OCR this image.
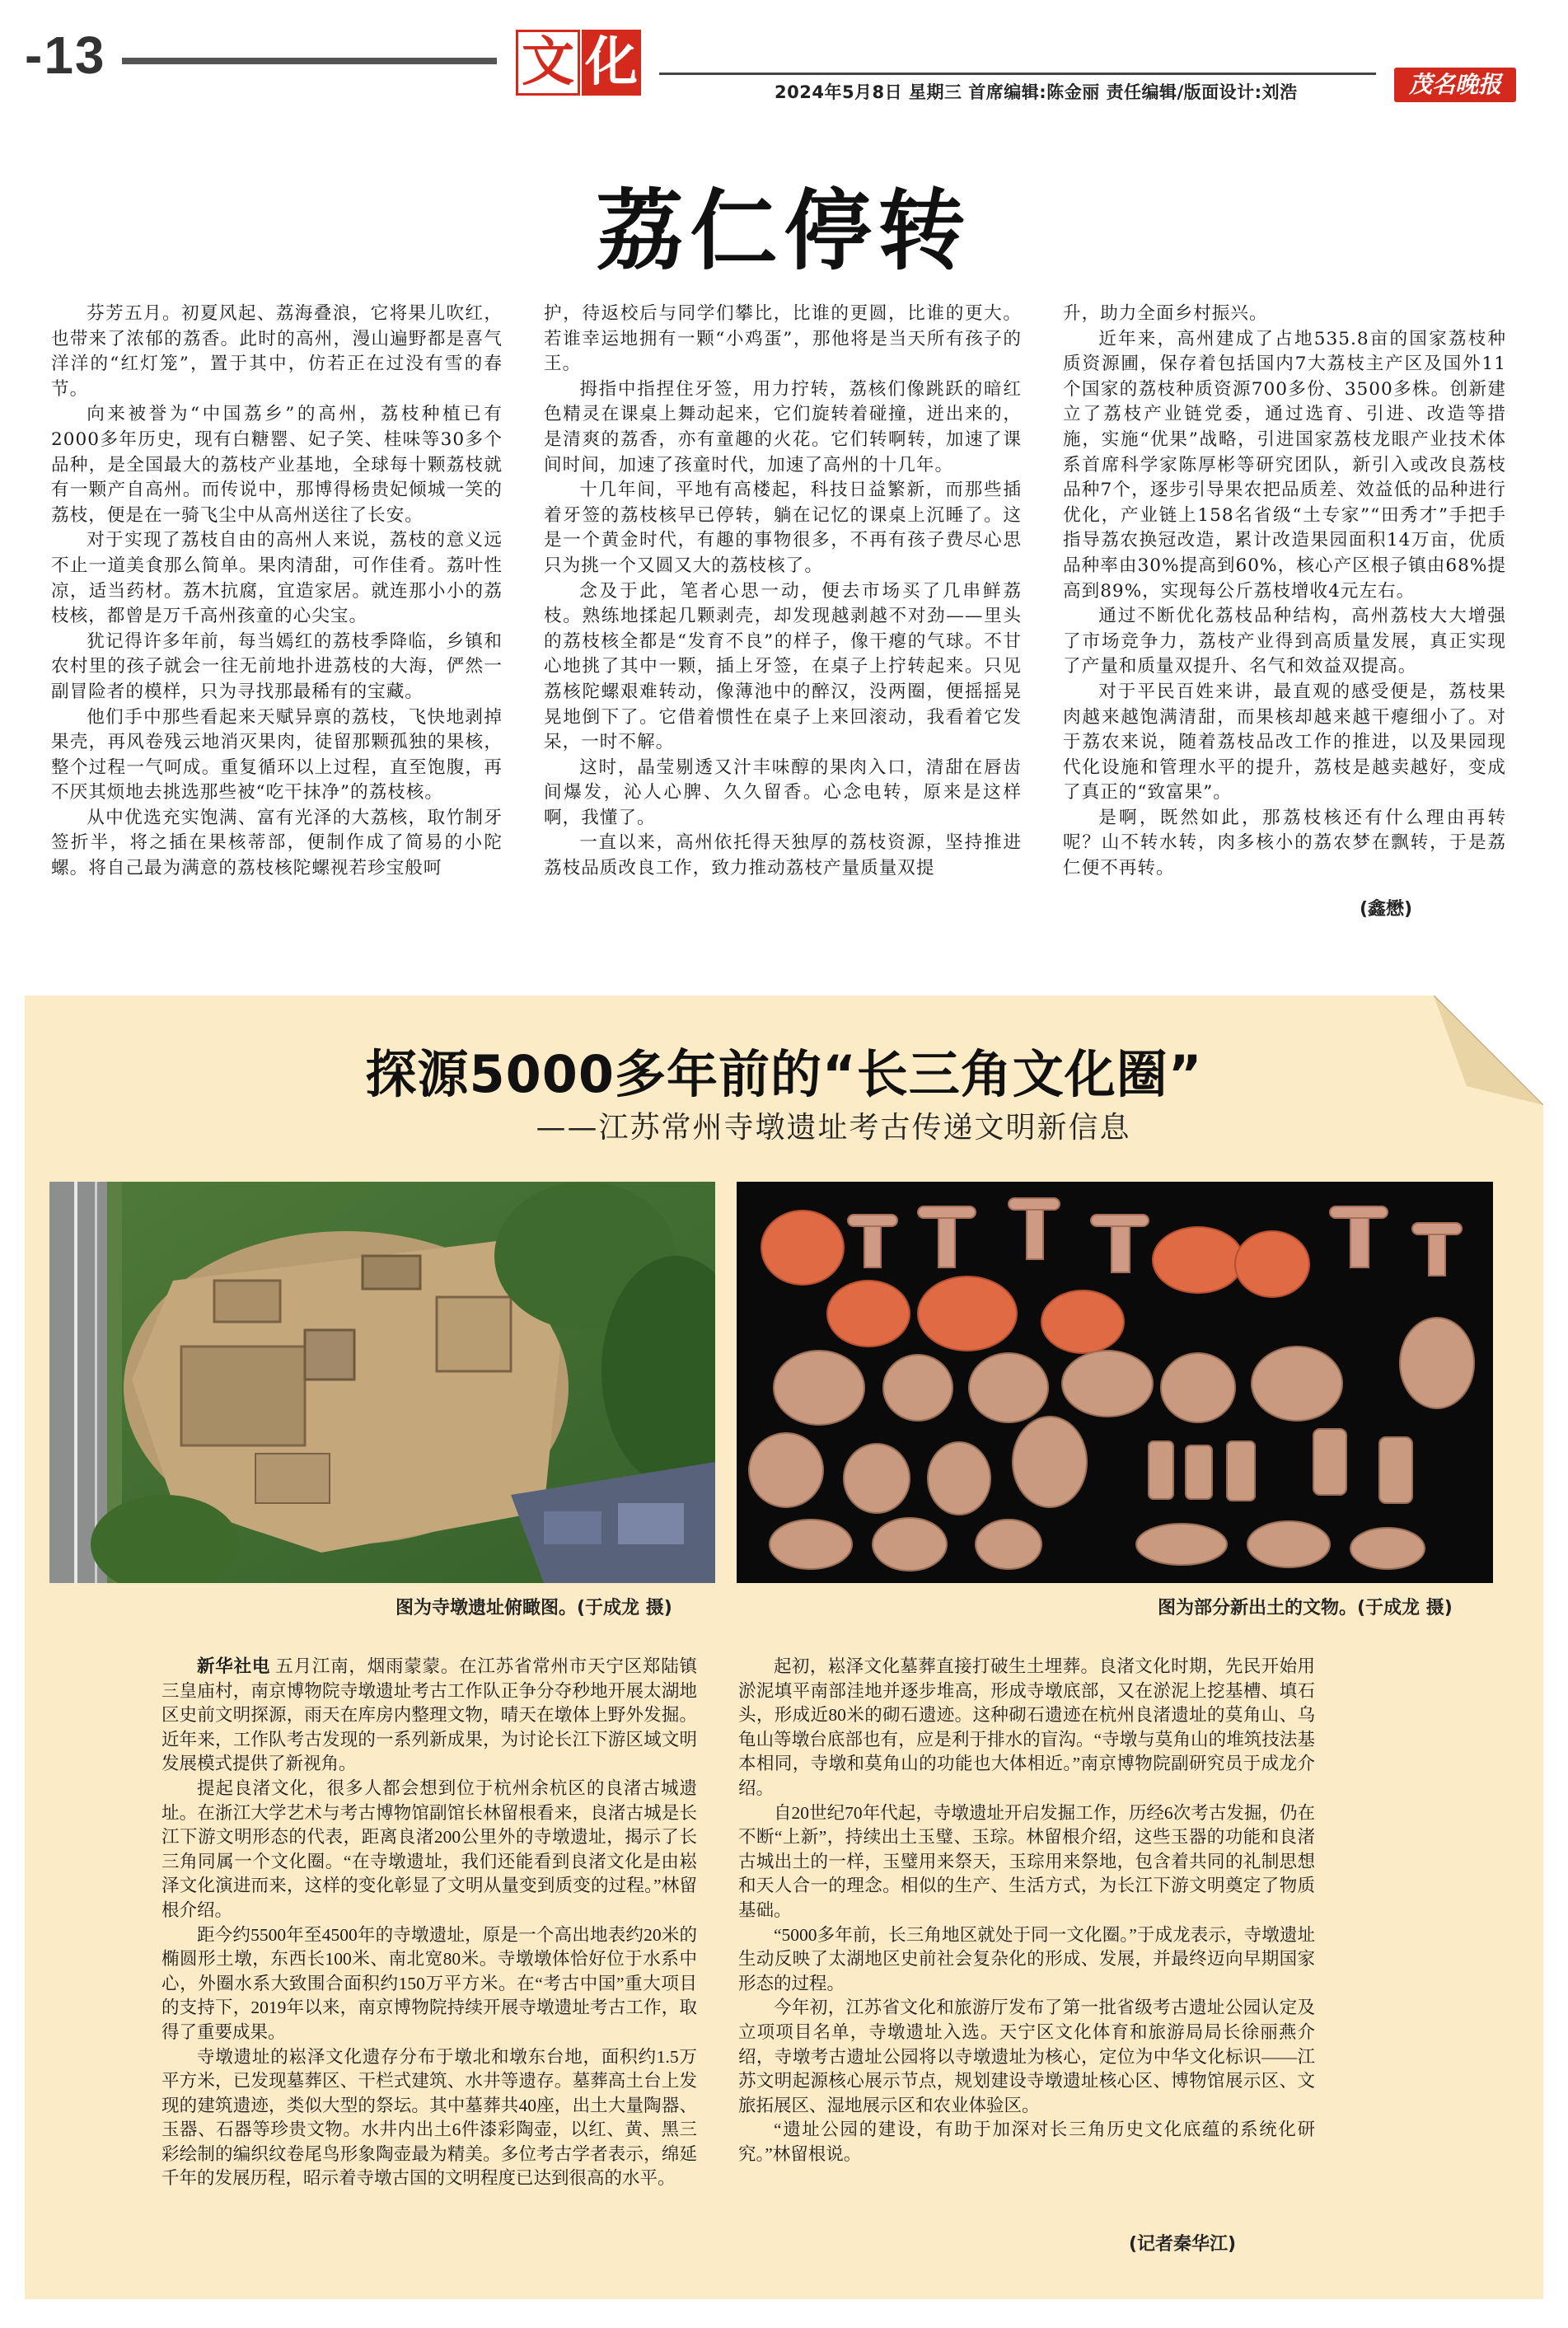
-13	文 化	2024年5月8日 星期三 首席编辑:陈金丽 责任编辑/版面设计:刘浩	茂名晚报
荔仁停转

芬芳五月。初夏风起、荔海叠浪，它将果儿吹红，也带来了浓郁的荔香。此时的高州，漫山遍野都是喜气洋洋的“红灯笼”，置于其中，仿若正在过没有雪的春节。

向来被誉为“中国荔乡”的高州，荔枝种植已有2000多年历史，现有白糖罂、妃子笑、桂味等30多个品种，是全国最大的荔枝产业基地，全球每十颗荔枝就有一颗产自高州。而传说中，那博得杨贵妃倾城一笑的荔枝，便是在一骑飞尘中从高州送往了长安。

对于实现了荔枝自由的高州人来说，荔枝的意义远不止一道美食那么简单。果肉清甜，可作佳肴。荔叶性凉，适当药材。荔木抗腐，宜造家居。就连那小小的荔枝核，都曾是万千高州孩童的心尖宝。

犹记得许多年前，每当嫣红的荔枝季降临，乡镇和农村里的孩子就会一往无前地扑进荔枝的大海，俨然一副冒险者的模样，只为寻找那最稀有的宝藏。

他们手中那些看起来天赋异禀的荔枝，飞快地剥掉果壳，再风卷残云地消灭果肉，徒留那颗孤独的果核，整个过程一气呵成。重复循环以上过程，直至饱腹，再不厌其烦地去挑选那些被“吃干抹净”的荔枝核。

从中优选充实饱满、富有光泽的大荔核，取竹制牙签折半，将之插在果核蒂部，便制作成了简易的小陀螺。将自己最为满意的荔枝核陀螺视若珍宝般呵

护，待返校后与同学们攀比，比谁的更圆，比谁的更大。若谁幸运地拥有一颗“小鸡蛋”，那他将是当天所有孩子的王。

拇指中指捏住牙签，用力拧转，荔核们像跳跃的暗红色精灵在课桌上舞动起来，它们旋转着碰撞，迸出来的，是清爽的荔香，亦有童趣的火花。它们转啊转，加速了课间时间，加速了孩童时代，加速了高州的十几年。

十几年间，平地有高楼起，科技日益繁新，而那些插着牙签的荔枝核早已停转，躺在记忆的课桌上沉睡了。这是一个黄金时代，有趣的事物很多，不再有孩子费尽心思只为挑一个又圆又大的荔枝核了。

念及于此，笔者心思一动，便去市场买了几串鲜荔枝。熟练地揉起几颗剥壳，却发现越剥越不对劲——里头的荔枝核全都是“发育不良”的样子，像干瘪的气球。不甘心地挑了其中一颗，插上牙签，在桌子上拧转起来。只见荔核陀螺艰难转动，像薄池中的醉汉，没两圈，便摇摇晃晃地倒下了。它借着惯性在桌子上来回滚动，我看着它发呆，一时不解。

这时，晶莹剔透又汁丰味醇的果肉入口，清甜在唇齿间爆发，沁人心脾、久久留香。心念电转，原来是这样啊，我懂了。

一直以来，高州依托得天独厚的荔枝资源，坚持推进荔枝品质改良工作，致力推动荔枝产量质量双提

升，助力全面乡村振兴。

近年来，高州建成了占地535.8亩的国家荔枝种质资源圃，保存着包括国内7大荔枝主产区及国外11个国家的荔枝种质资源700多份、3500多株。创新建立了荔枝产业链党委，通过选育、引进、改造等措施，实施“优果”战略，引进国家荔枝龙眼产业技术体系首席科学家陈厚彬等研究团队，新引入或改良荔枝品种7个，逐步引导果农把品质差、效益低的品种进行优化，产业链上158名省级“土专家”“田秀才”手把手指导荔农换冠改造，累计改造果园面积14万亩，优质品种率由30%提高到60%，核心产区根子镇由68%提高到89%，实现每公斤荔枝增收4元左右。

通过不断优化荔枝品种结构，高州荔枝大大增强了市场竞争力，荔枝产业得到高质量发展，真正实现了产量和质量双提升、名气和效益双提高。

对于平民百姓来讲，最直观的感受便是，荔枝果肉越来越饱满清甜，而果核却越来越干瘪细小了。对于荔农来说，随着荔枝品改工作的推进，以及果园现代化设施和管理水平的提升，荔枝是越卖越好，变成了真正的“致富果”。

是啊，既然如此，那荔枝核还有什么理由再转呢？山不转水转，肉多核小的荔农梦在飘转，于是荔仁便不再转。

(鑫懋)
探源5000多年前的“长三角文化圈”
——江苏常州寺墩遗址考古传递文明新信息
图为寺墩遗址俯瞰图。(于成龙 摄)	图为部分新出土的文物。(于成龙 摄)

新华社电 五月江南，烟雨蒙蒙。在江苏省常州市天宁区郑陆镇三皇庙村，南京博物院寺墩遗址考古工作队正争分夺秒地开展太湖地区史前文明探源，雨天在库房内整理文物，晴天在墩体上野外发掘。近年来，工作队考古发现的一系列新成果，为讨论长江下游区域文明发展模式提供了新视角。

提起良渚文化，很多人都会想到位于杭州余杭区的良渚古城遗址。在浙江大学艺术与考古博物馆副馆长林留根看来，良渚古城是长江下游文明形态的代表，距离良渚200公里外的寺墩遗址，揭示了长三角同属一个文化圈。“在寺墩遗址，我们还能看到良渚文化是由崧泽文化演进而来，这样的变化彰显了文明从量变到质变的过程。”林留根介绍。

距今约5500年至4500年的寺墩遗址，原是一个高出地表约20米的椭圆形土墩，东西长100米、南北宽80米。寺墩墩体恰好位于水系中心，外圈水系大致围合面积约150万平方米。在“考古中国”重大项目的支持下，2019年以来，南京博物院持续开展寺墩遗址考古工作，取得了重要成果。

寺墩遗址的崧泽文化遗存分布于墩北和墩东台地，面积约1.5万平方米，已发现墓葬区、干栏式建筑、水井等遗存。墓葬高土台上发现的建筑遗迹，类似大型的祭坛。其中墓葬共40座，出土大量陶器、玉器、石器等珍贵文物。水井内出土6件漆彩陶壶，以红、黄、黑三彩绘制的编织纹卷尾鸟形象陶壶最为精美。多位考古学者表示，绵延千年的发展历程，昭示着寺墩古国的文明程度已达到很高的水平。

起初，崧泽文化墓葬直接打破生土埋葬。良渚文化时期，先民开始用淤泥填平南部洼地并逐步堆高，形成寺墩底部，又在淤泥上挖基槽、填石头，形成近80米的砌石遗迹。这种砌石遗迹在杭州良渚遗址的莫角山、乌龟山等墩台底部也有，应是利于排水的盲沟。“寺墩与莫角山的堆筑技法基本相同，寺墩和莫角山的功能也大体相近。”南京博物院副研究员于成龙介绍。

自20世纪70年代起，寺墩遗址开启发掘工作，历经6次考古发掘，仍在不断“上新”，持续出土玉璧、玉琮。林留根介绍，这些玉器的功能和良渚古城出土的一样，玉璧用来祭天，玉琮用来祭地，包含着共同的礼制思想和天人合一的理念。相似的生产、生活方式，为长江下游文明奠定了物质基础。

“5000多年前，长三角地区就处于同一文化圈。”于成龙表示，寺墩遗址生动反映了太湖地区史前社会复杂化的形成、发展，并最终迈向早期国家形态的过程。

今年初，江苏省文化和旅游厅发布了第一批省级考古遗址公园认定及立项项目名单，寺墩遗址入选。天宁区文化体育和旅游局局长徐丽燕介绍，寺墩考古遗址公园将以寺墩遗址为核心，定位为中华文化标识——江苏文明起源核心展示节点，规划建设寺墩遗址核心区、博物馆展示区、文旅拓展区、湿地展示区和农业体验区。

“遗址公园的建设，有助于加深对长三角历史文化底蕴的系统化研究。”林留根说。

(记者秦华江)
